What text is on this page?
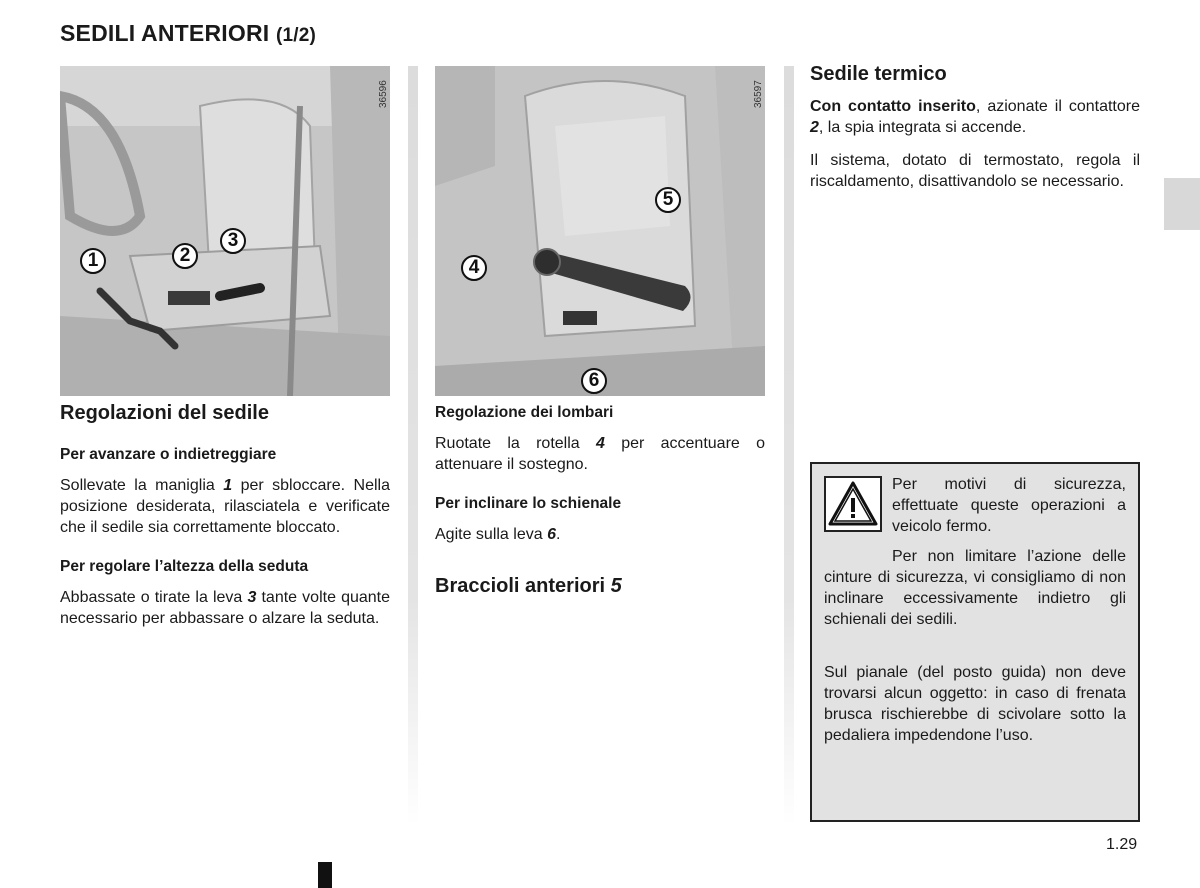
SEDILI ANTERIORI (1/2)
36596
1	2
3
36597
4
5
6
Regolazioni del sedile
Per avanzare o indietreggiare
Sollevate la maniglia 1 per sbloccare. Nella posizione desiderata, rilasciatela e verificate che il sedile sia correttamente bloccato.
Per regolare l’altezza della seduta
Abbassate o tirate la leva 3 tante volte quante necessario per abbassare o alzare la seduta.
Regolazione dei lombari
Ruotate la rotella 4 per accentuare o attenuare il sostegno.
Per inclinare lo schienale
Agite sulla leva 6.
Braccioli anteriori 5
Sedile termico
Con contatto inserito, azionate il contattore 2, la spia integrata si accende.
Il sistema, dotato di termostato, regola il riscaldamento, disattivandolo se necessario.
Per motivi di sicurezza, effettuate queste operazioni a veicolo fermo.
Per non limitare l’azione delle cinture di sicurezza, vi consigliamo di non inclinare eccessivamente indietro gli schienali dei sedili.
Sul pianale (del posto guida) non deve trovarsi alcun oggetto: in caso di frenata brusca rischierebbe di scivolare sotto la pedaliera impedendone l’uso.
1.29
